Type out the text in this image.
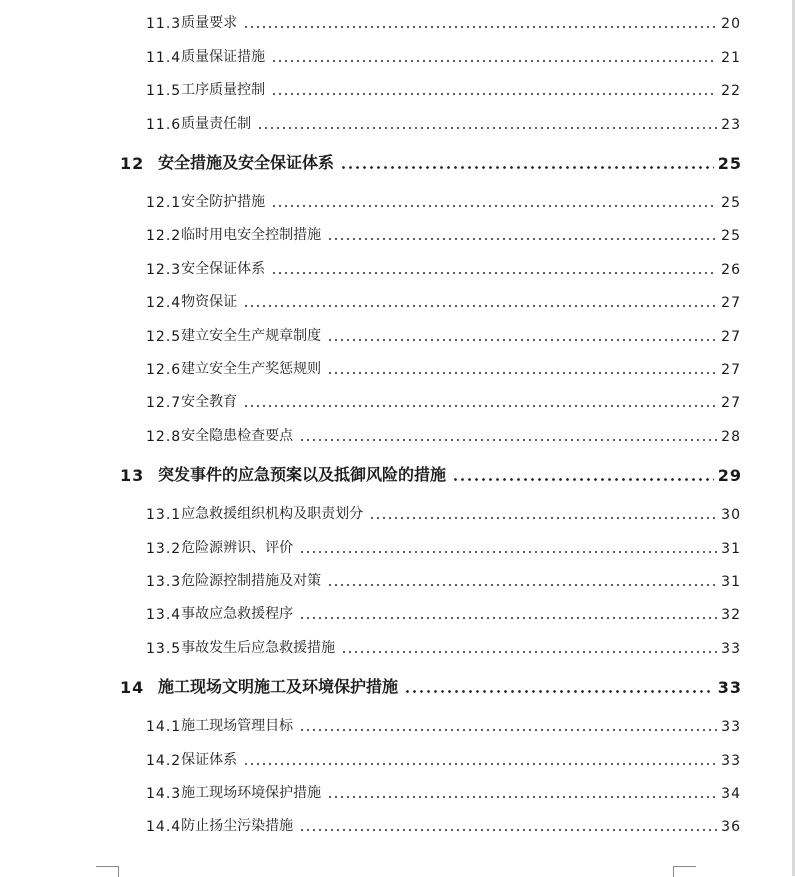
11.3 质量要求	20
11.4 质量保证措施	21
11.5 工序质量控制	22
11.6 质量责任制	23
12 安全措施及安全保证体系	25
12.1 安全防护措施	25
12.2 临时用电安全控制措施	25
12.3 安全保证体系	26
12.4 物资保证	27
12.5 建立安全生产规章制度	27
12.6 建立安全生产奖惩规则	27
12.7 安全教育	27
12.8 安全隐患检查要点	28
13 突发事件的应急预案以及抵御风险的措施	29
13.1 应急救援组织机构及职责划分	30
13.2 危险源辨识、评价	31
13.3 危险源控制措施及对策	31
13.4 事故应急救援程序	32
13.5 事故发生后应急救援措施	33
14 施工现场文明施工及环境保护措施	33
14.1 施工现场管理目标	33
14.2 保证体系	33
14.3 施工现场环境保护措施	34
14.4 防止扬尘污染措施	36
